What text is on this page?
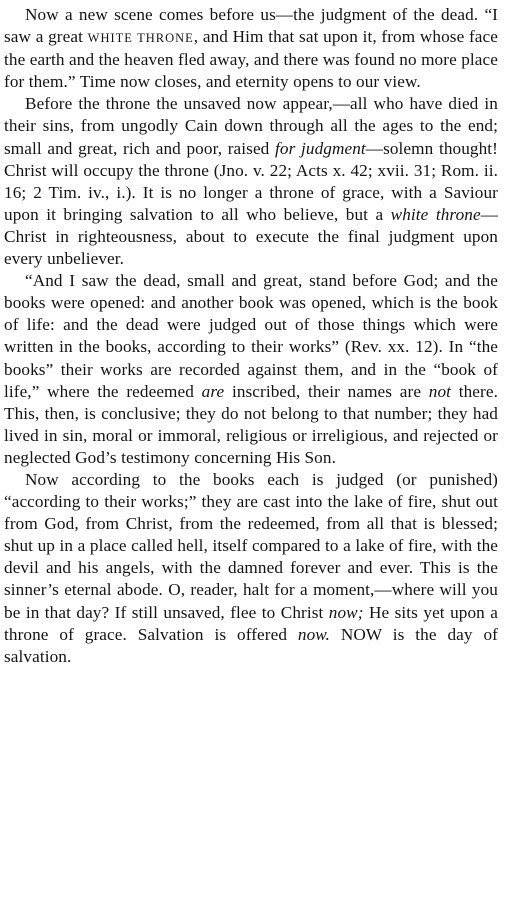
Now a new scene comes before us—the judgment of the dead. “I saw a great WHITE THRONE, and Him that sat upon it, from whose face the earth and the heaven fled away, and there was found no more place for them.” Time now closes, and eternity opens to our view.

Before the throne the unsaved now appear,—all who have died in their sins, from ungodly Cain down through all the ages to the end; small and great, rich and poor, raised for judgment—solemn thought! Christ will occupy the throne (Jno. v. 22; Acts x. 42; xvii. 31; Rom. ii. 16; 2 Tim. iv., i.). It is no longer a throne of grace, with a Saviour upon it bringing salvation to all who believe, but a white throne—Christ in righteousness, about to execute the final judgment upon every unbeliever.

“And I saw the dead, small and great, stand before God; and the books were opened: and another book was opened, which is the book of life: and the dead were judged out of those things which were written in the books, according to their works” (Rev. xx. 12). In “the books” their works are recorded against them, and in the “book of life,” where the redeemed are inscribed, their names are not there. This, then, is conclusive; they do not belong to that number; they had lived in sin, moral or immoral, religious or irreligious, and rejected or neglected God’s testimony concerning His Son.

Now according to the books each is judged (or punished) “according to their works;” they are cast into the lake of fire, shut out from God, from Christ, from the redeemed, from all that is blessed; shut up in a place called hell, itself compared to a lake of fire, with the devil and his angels, with the damned forever and ever. This is the sinner’s eternal abode. O, reader, halt for a moment,—where will you be in that day? If still unsaved, flee to Christ now; He sits yet upon a throne of grace. Salvation is offered now. NOW is the day of salvation.
